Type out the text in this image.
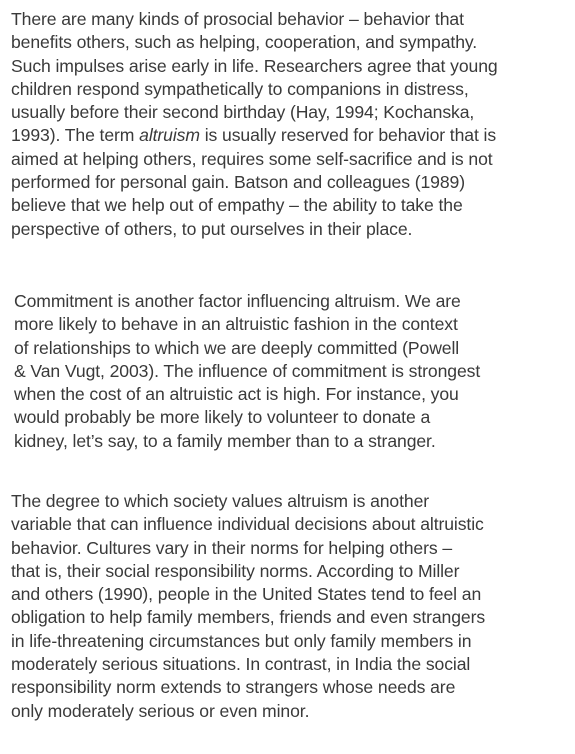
There are many kinds of prosocial behavior – behavior that
benefits others, such as helping, cooperation, and sympathy.
Such impulses arise early in life. Researchers agree that young
children respond sympathetically to companions in distress,
usually before their second birthday (Hay, 1994; Kochanska,
1993). The term altruism is usually reserved for behavior that is
aimed at helping others, requires some self-sacrifice and is not
performed for personal gain. Batson and colleagues (1989)
believe that we help out of empathy – the ability to take the
perspective of others, to put ourselves in their place.

Commitment is another factor influencing altruism. We are
more likely to behave in an altruistic fashion in the context
of relationships to which we are deeply committed (Powell
& Van Vugt, 2003). The influence of commitment is strongest
when the cost of an altruistic act is high. For instance, you
would probably be more likely to volunteer to donate a
kidney, let’s say, to a family member than to a stranger.

The degree to which society values altruism is another
variable that can influence individual decisions about altruistic
behavior. Cultures vary in their norms for helping others –
that is, their social responsibility norms. According to Miller
and others (1990), people in the United States tend to feel an
obligation to help family members, friends and even strangers
in life-threatening circumstances but only family members in
moderately serious situations. In contrast, in India the social
responsibility norm extends to strangers whose needs are
only moderately serious or even minor.
